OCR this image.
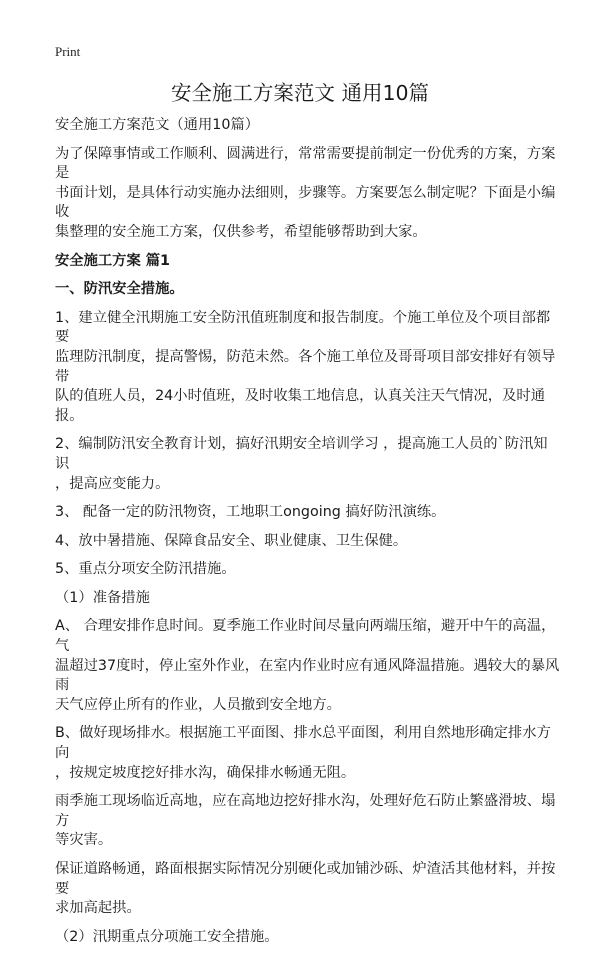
Print
安全施工方案范文 通用10篇
安全施工方案范文（通用10篇）
为了保障事情或工作顺利、圆满进行，常常需要提前制定一份优秀的方案，方案是
书面计划，是具体行动实施办法细则，步骤等。方案要怎么制定呢？下面是小编收
集整理的安全施工方案，仅供参考，希望能够帮助到大家。
安全施工方案 篇1
一、防汛安全措施。
1、建立健全汛期施工安全防汛值班制度和报告制度。个施工单位及个项目部都要
监理防汛制度，提高警惕，防范未然。各个施工单位及哥哥项目部安排好有领导带
队的值班人员，24小时值班，及时收集工地信息，认真关注天气情况，及时通报。
2、编制防汛安全教育计划，搞好汛期安全培训学习 ，提高施工人员的`防汛知识
，提高应变能力。
3、 配备一定的防汛物资，工地职工ongoing 搞好防汛演练。
4、放中暑措施、保障食品安全、职业健康、卫生保健。
5、重点分项安全防汛措施。
（1）准备措施
A、 合理安排作息时间。夏季施工作业时间尽量向两端压缩，避开中午的高温，气
温超过37度时，停止室外作业，在室内作业时应有通风降温措施。遇较大的暴风雨
天气应停止所有的作业，人员撤到安全地方。
B、做好现场排水。根据施工平面图、排水总平面图，利用自然地形确定排水方向
，按规定坡度挖好排水沟，确保排水畅通无阻。
雨季施工现场临近高地，应在高地边挖好排水沟，处理好危石防止繁盛滑坡、塌方
等灾害。
保证道路畅通，路面根据实际情况分别硬化或加铺沙砾、炉渣活其他材料，并按要
求加高起拱。
（2）汛期重点分项施工安全措施。
